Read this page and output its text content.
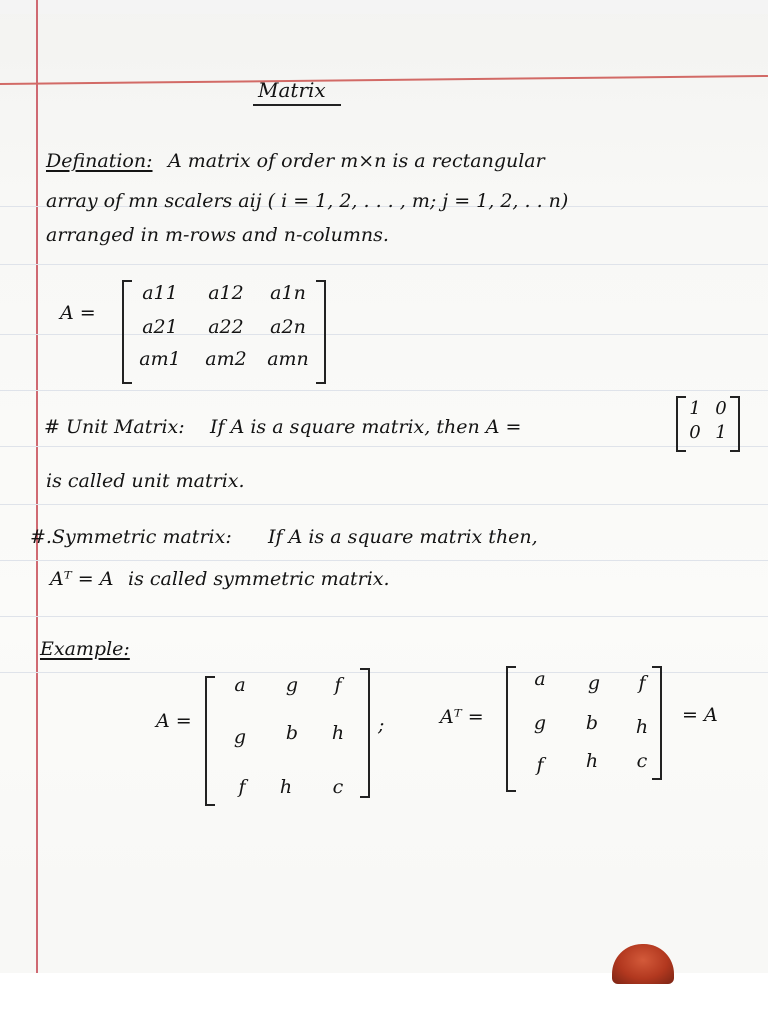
Matrix
Defination: A matrix of order m×n is a rectangular
array of mn scalers aij ( i = 1, 2, . . . , m; j = 1, 2, . . n)
arranged in m-rows and n-columns.
A =
a11	a12	a1n
a21	a22	a2n
am1	am2	amn
# Unit Matrix: If A is a square matrix, then A =
1 0
0 1
is called unit matrix.
#.Symmetric matrix: If A is a square matrix then,
Aᵀ = A is called symmetric matrix.
Example:
A =
a	g	f
g	b	h
f	h	c
;	Aᵀ =
a	g	f
g	b	h
f	h	c
= A
